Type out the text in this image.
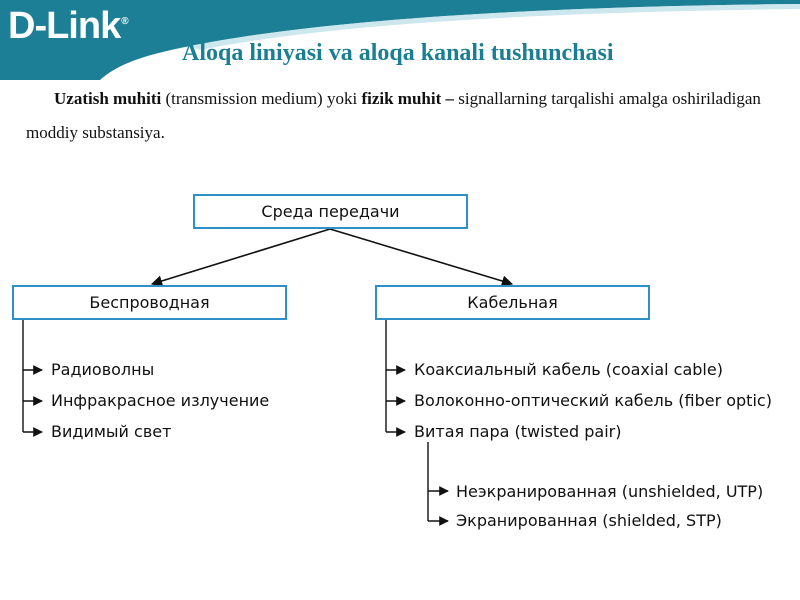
D-Link®
Aloqa liniyasi va aloqa kanali tushunchasi
Uzatish muhiti (transmission medium) yoki fizik muhit – signallarning tarqalishi amalga oshiriladigan moddiy substansiya.
Среда передачи
Беспроводная	Кабельная
Радиоволны
Инфракрасное излучение
Видимый свет
Коаксиальный кабель (coaxial cable)
Волоконно-оптический кабель (fiber optic)
Витая пара (twisted pair)
Неэкранированная (unshielded, UTP)
Экранированная (shielded, STP)
